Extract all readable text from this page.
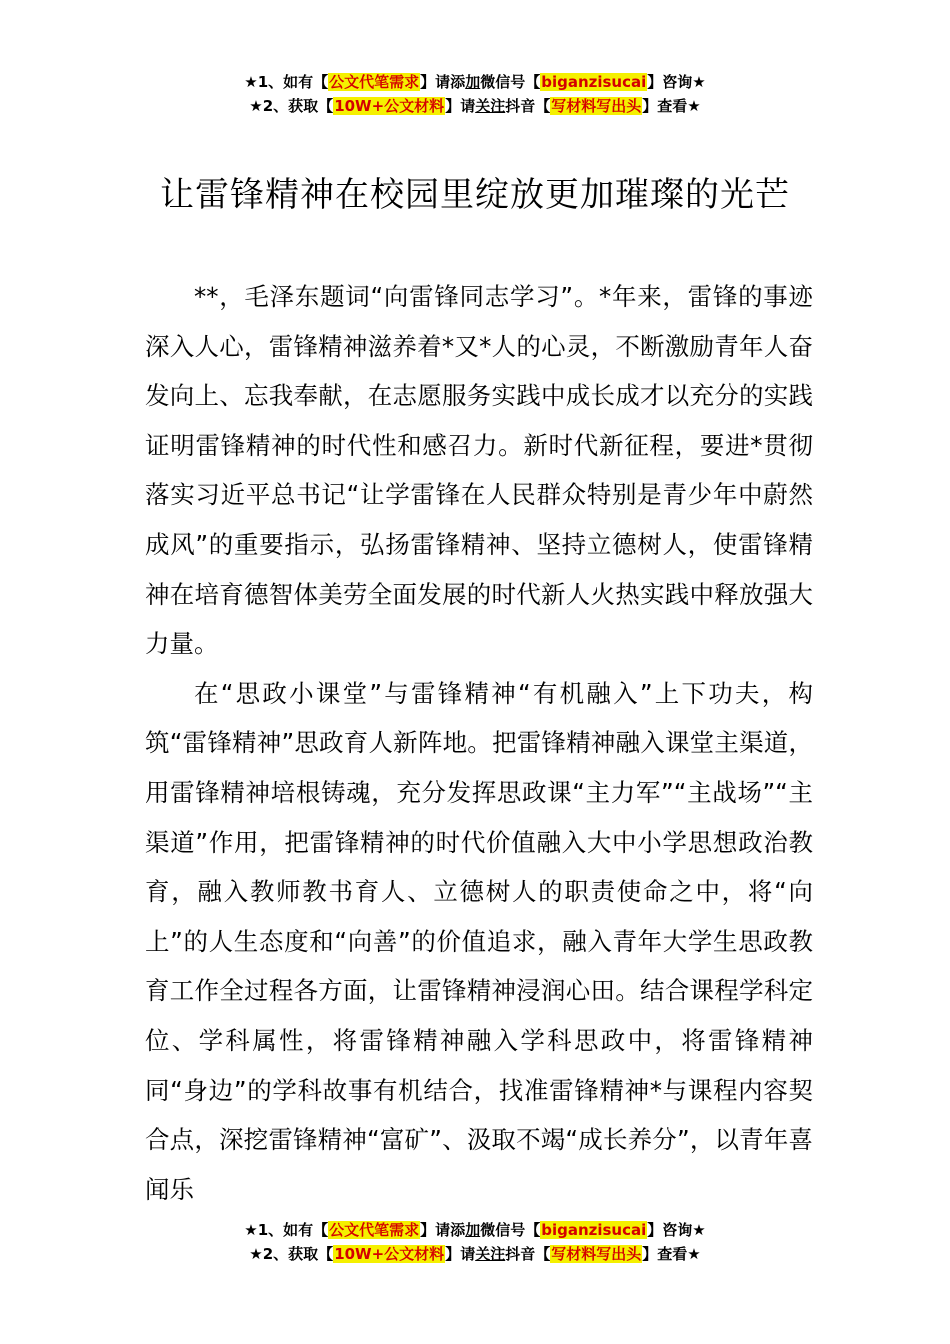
★1、如有【公文代笔需求】请添加微信号【biganzisucai】咨询★
★2、获取【10W+公文材料】请关注抖音【写材料写出头】查看★
让雷锋精神在校园里绽放更加璀璨的光芒

**，毛泽东题词“向雷锋同志学习”。*年来，雷锋的事迹深入人心，雷锋精神滋养着*又*人的心灵，不断激励青年人奋发向上、忘我奉献，在志愿服务实践中成长成才以充分的实践证明雷锋精神的时代性和感召力。新时代新征程，要进*贯彻落实习近平总书记“让学雷锋在人民群众特别是青少年中蔚然成风”的重要指示，弘扬雷锋精神、坚持立德树人，使雷锋精神在培育德智体美劳全面发展的时代新人火热实践中释放强大力量。

在“思政小课堂”与雷锋精神“有机融入”上下功夫，构筑“雷锋精神”思政育人新阵地。把雷锋精神融入课堂主渠道，用雷锋精神培根铸魂，充分发挥思政课“主力军”“主战场”“主渠道”作用，把雷锋精神的时代价值融入大中小学思想政治教育，融入教师教书育人、立德树人的职责使命之中，将“向上”的人生态度和“向善”的价值追求，融入青年大学生思政教育工作全过程各方面，让雷锋精神浸润心田。结合课程学科定位、学科属性，将雷锋精神融入学科思政中，将雷锋精神同“身边”的学科故事有机结合，找准雷锋精神*与课程内容契合点，深挖雷锋精神“富矿”、汲取不竭“成长养分”，以青年喜闻乐

★1、如有【公文代笔需求】请添加微信号【biganzisucai】咨询★
★2、获取【10W+公文材料】请关注抖音【写材料写出头】查看★
